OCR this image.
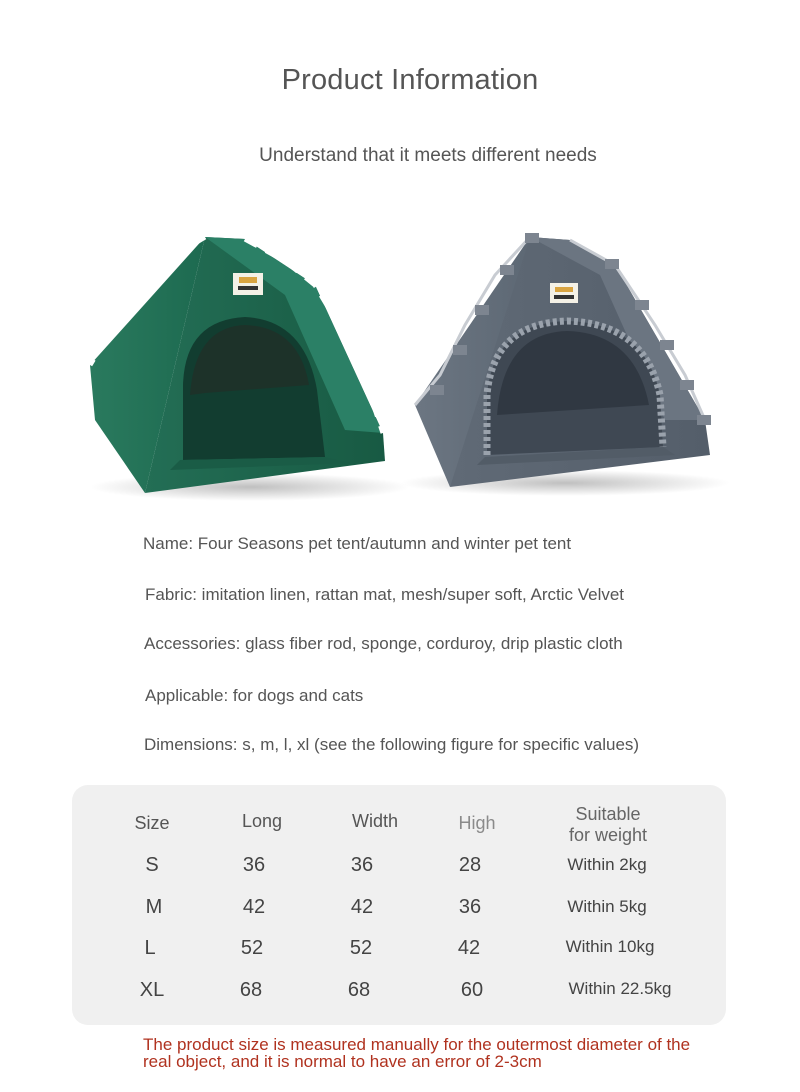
Product Information
Understand that it meets different needs
Name: Four Seasons pet tent/autumn and winter pet tent
Fabric: imitation linen, rattan mat, mesh/super soft, Arctic Velvet
Accessories: glass fiber rod, sponge, corduroy, drip plastic cloth
Applicable: for dogs and cats
Dimensions: s, m, l, xl (see the following figure for specific values)
Size	Long	Width	High	Suitable
for weight
S	36	36	28	Within 2kg
M	42	42	36	Within 5kg
L	52	52	42	Within 10kg
XL	68	68	60	Within 22.5kg
The product size is measured manually for the outermost diameter of the real object, and it is normal to have an error of 2-3cm
